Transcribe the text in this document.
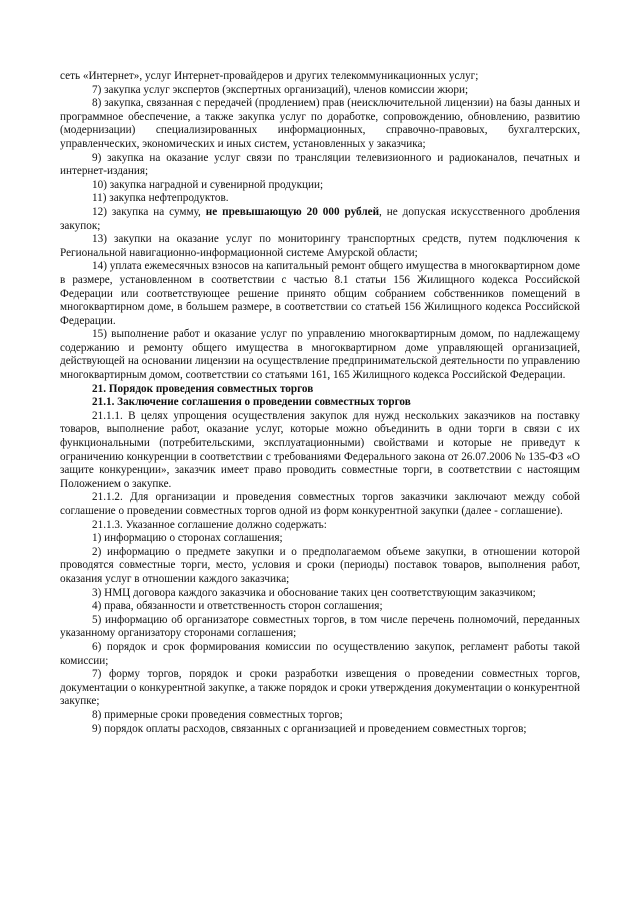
сеть «Интернет», услуг Интернет-провайдеров и других телекоммуникационных услуг;

7) закупка услуг экспертов (экспертных организаций), членов комиссии жюри;

8) закупка, связанная с передачей (продлением) прав (неисключительной лицензии) на базы данных и программное обеспечение, а также закупка услуг по доработке, сопровождению, обновлению, развитию (модернизации) специализированных информационных, справочно-правовых, бухгалтерских, управленческих, экономических и иных систем, установленных у заказчика;

9) закупка на оказание услуг связи по трансляции телевизионного и радиоканалов, печатных и интернет-издания;

10) закупка наградной и сувенирной продукции;

11) закупка нефтепродуктов.

12) закупка на сумму, не превышающую 20 000 рублей, не допуская искусственного дробления закупок;

13) закупки на оказание услуг по мониторингу транспортных средств, путем подключения к Региональной навигационно-информационной системе Амурской области;

14) уплата ежемесячных взносов на капитальный ремонт общего имущества в многоквартирном доме в размере, установленном в соответствии с частью 8.1 статьи 156 Жилищного кодекса Российской Федерации или соответствующее решение принято общим собранием собственников помещений в многоквартирном доме, в большем размере, в соответствии со статьей 156 Жилищного кодекса Российской Федерации.

15) выполнение работ и оказание услуг по управлению многоквартирным домом, по надлежащему содержанию и ремонту общего имущества в многоквартирном доме управляющей организацией, действующей на основании лицензии на осуществление предпринимательской деятельности по управлению многоквартирным домом, соответствии со статьями 161, 165 Жилищного кодекса Российской Федерации.

21. Порядок проведения совместных торгов

21.1. Заключение соглашения о проведении совместных торгов

21.1.1. В целях упрощения осуществления закупок для нужд нескольких заказчиков на поставку товаров, выполнение работ, оказание услуг, которые можно объединить в одни торги в связи с их функциональными (потребительскими, эксплуатационными) свойствами и которые не приведут к ограничению конкуренции в соответствии с требованиями Федерального закона от 26.07.2006 № 135-ФЗ «О защите конкуренции», заказчик имеет право проводить совместные торги, в соответствии с настоящим Положением о закупке.

21.1.2. Для организации и проведения совместных торгов заказчики заключают между собой соглашение о проведении совместных торгов одной из форм конкурентной закупки (далее - соглашение).

21.1.3. Указанное соглашение должно содержать:

1) информацию о сторонах соглашения;

2) информацию о предмете закупки и о предполагаемом объеме закупки, в отношении которой проводятся совместные торги, место, условия и сроки (периоды) поставок товаров, выполнения работ, оказания услуг в отношении каждого заказчика;

3) НМЦ договора каждого заказчика и обоснование таких цен соответствующим заказчиком;

4) права, обязанности и ответственность сторон соглашения;

5) информацию об организаторе совместных торгов, в том числе перечень полномочий, переданных указанному организатору сторонами соглашения;

6) порядок и срок формирования комиссии по осуществлению закупок, регламент работы такой комиссии;

7) форму торгов, порядок и сроки разработки извещения о проведении совместных торгов, документации о конкурентной закупке, а также порядок и сроки утверждения документации о конкурентной закупке;

8) примерные сроки проведения совместных торгов;

9) порядок оплаты расходов, связанных с организацией и проведением совместных торгов;
